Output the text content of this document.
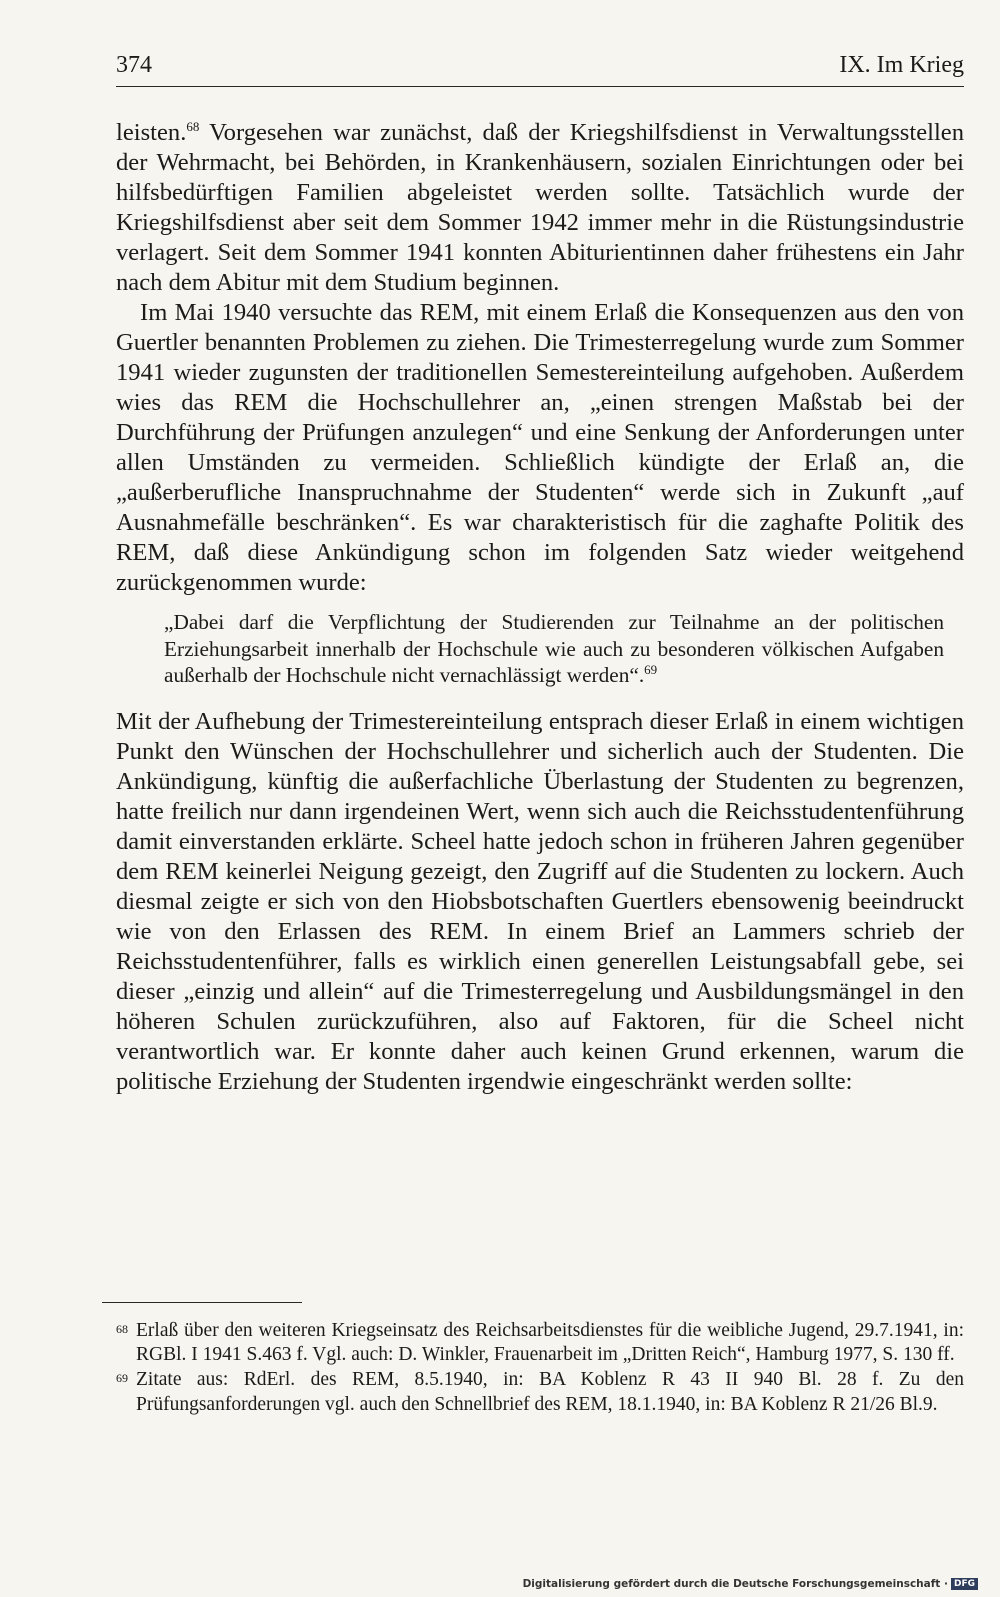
374	IX. Im Krieg

leisten.$^{68}$ Vorgesehen war zunächst, daß der Kriegshilfsdienst in Verwaltungsstellen der Wehrmacht, bei Behörden, in Krankenhäusern, sozialen Einrichtungen oder bei hilfsbedürftigen Familien abgeleistet werden sollte. Tatsächlich wurde der Kriegshilfsdienst aber seit dem Sommer 1942 immer mehr in die Rüstungsindustrie verlagert. Seit dem Sommer 1941 konnten Abiturientinnen daher frühestens ein Jahr nach dem Abitur mit dem Studium beginnen.

Im Mai 1940 versuchte das REM, mit einem Erlaß die Konsequenzen aus den von Guertler benannten Problemen zu ziehen. Die Trimesterregelung wurde zum Sommer 1941 wieder zugunsten der traditionellen Semestereinteilung aufgehoben. Außerdem wies das REM die Hochschullehrer an, „einen strengen Maßstab bei der Durchführung der Prüfungen anzulegen“ und eine Senkung der Anforderungen unter allen Umständen zu vermeiden. Schließlich kündigte der Erlaß an, die „außerberufliche Inanspruchnahme der Studenten“ werde sich in Zukunft „auf Ausnahmefälle beschränken“. Es war charakteristisch für die zaghafte Politik des REM, daß diese Ankündigung schon im folgenden Satz wieder weitgehend zurückgenommen wurde:

„Dabei darf die Verpflichtung der Studierenden zur Teilnahme an der politischen Erziehungsarbeit innerhalb der Hochschule wie auch zu besonderen völkischen Aufgaben außerhalb der Hochschule nicht vernachlässigt werden“.$^{69}$

Mit der Aufhebung der Trimestereinteilung entsprach dieser Erlaß in einem wichtigen Punkt den Wünschen der Hochschullehrer und sicherlich auch der Studenten. Die Ankündigung, künftig die außerfachliche Überlastung der Studenten zu begrenzen, hatte freilich nur dann irgendeinen Wert, wenn sich auch die Reichsstudentenführung damit einverstanden erklärte. Scheel hatte jedoch schon in früheren Jahren gegenüber dem REM keinerlei Neigung gezeigt, den Zugriff auf die Studenten zu lockern. Auch diesmal zeigte er sich von den Hiobsbotschaften Guertlers ebensowenig beeindruckt wie von den Erlassen des REM. In einem Brief an Lammers schrieb der Reichsstudentenführer, falls es wirklich einen generellen Leistungsabfall gebe, sei dieser „einzig und allein“ auf die Trimesterregelung und Ausbildungsmängel in den höheren Schulen zurückzuführen, also auf Faktoren, für die Scheel nicht verantwortlich war. Er konnte daher auch keinen Grund erkennen, warum die politische Erziehung der Studenten irgendwie eingeschränkt werden sollte:

68 Erlaß über den weiteren Kriegseinsatz des Reichsarbeitsdienstes für die weibliche Jugend, 29.7.1941, in: RGBl. I 1941 S.463 f. Vgl. auch: D. Winkler, Frauenarbeit im „Dritten Reich“, Hamburg 1977, S. 130 ff.
69 Zitate aus: RdErl. des REM, 8.5.1940, in: BA Koblenz R 43 II 940 Bl. 28 f. Zu den Prüfungsanforderungen vgl. auch den Schnellbrief des REM, 18.1.1940, in: BA Koblenz R 21/26 Bl.9.
Digitalisierung gefördert durch die Deutsche Forschungsgemeinschaft · DFG
